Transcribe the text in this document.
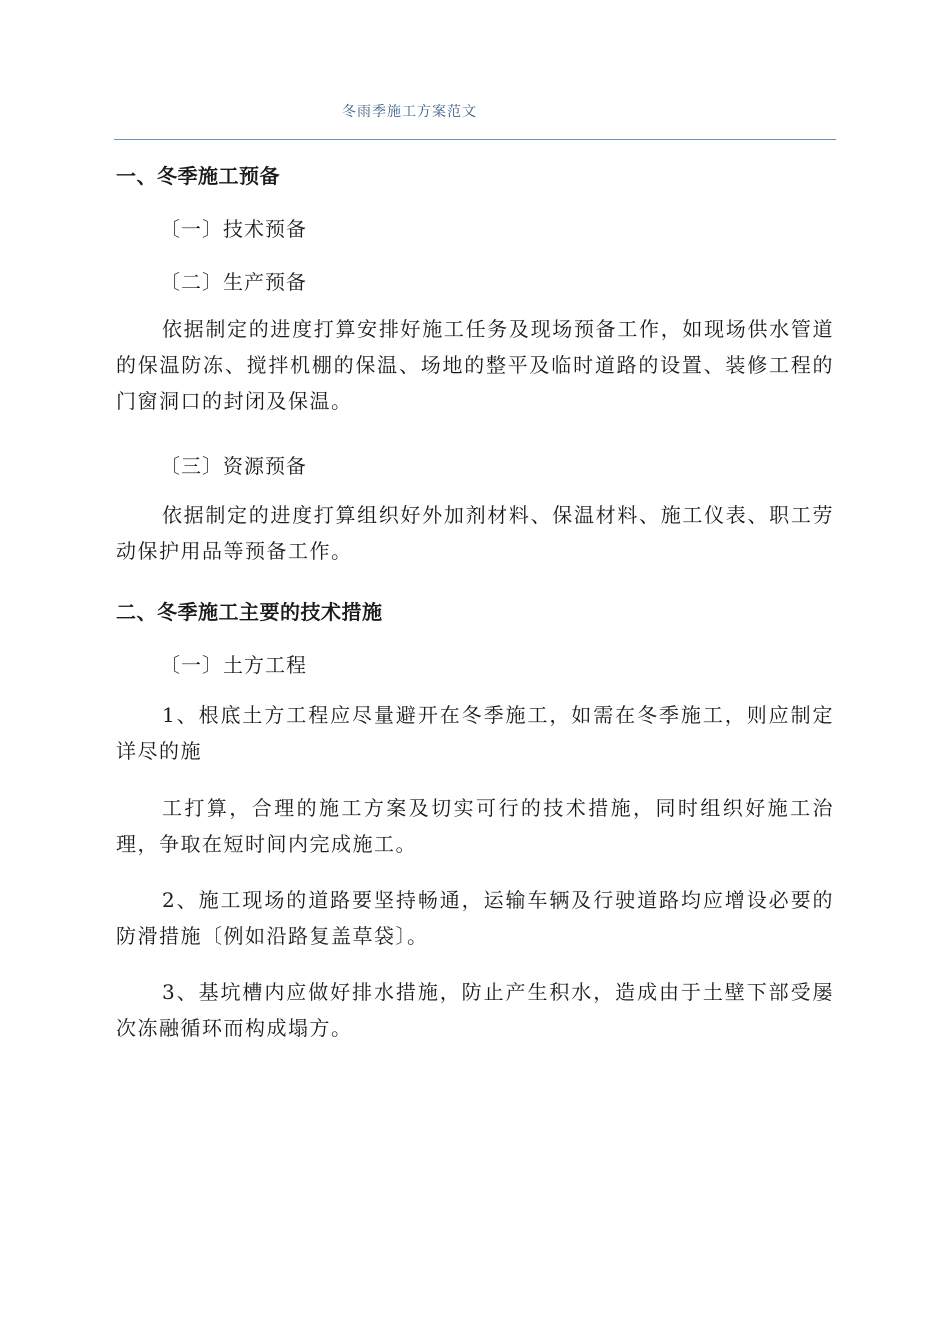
冬雨季施工方案范文
一、冬季施工预备
〔一〕技术预备
〔二〕生产预备
依据制定的进度打算安排好施工任务及现场预备工作，如现场供水管道的保温防冻、搅拌机棚的保温、场地的整平及临时道路的设置、装修工程的门窗洞口的封闭及保温。
〔三〕资源预备
依据制定的进度打算组织好外加剂材料、保温材料、施工仪表、职工劳动保护用品等预备工作。
二、冬季施工主要的技术措施
〔一〕土方工程
1、根底土方工程应尽量避开在冬季施工，如需在冬季施工，则应制定详尽的施
工打算，合理的施工方案及切实可行的技术措施，同时组织好施工治理，争取在短时间内完成施工。
2、施工现场的道路要坚持畅通，运输车辆及行驶道路均应增设必要的防滑措施〔例如沿路复盖草袋〕。
3、基坑槽内应做好排水措施，防止产生积水，造成由于土壁下部受屡次冻融循环而构成塌方。
